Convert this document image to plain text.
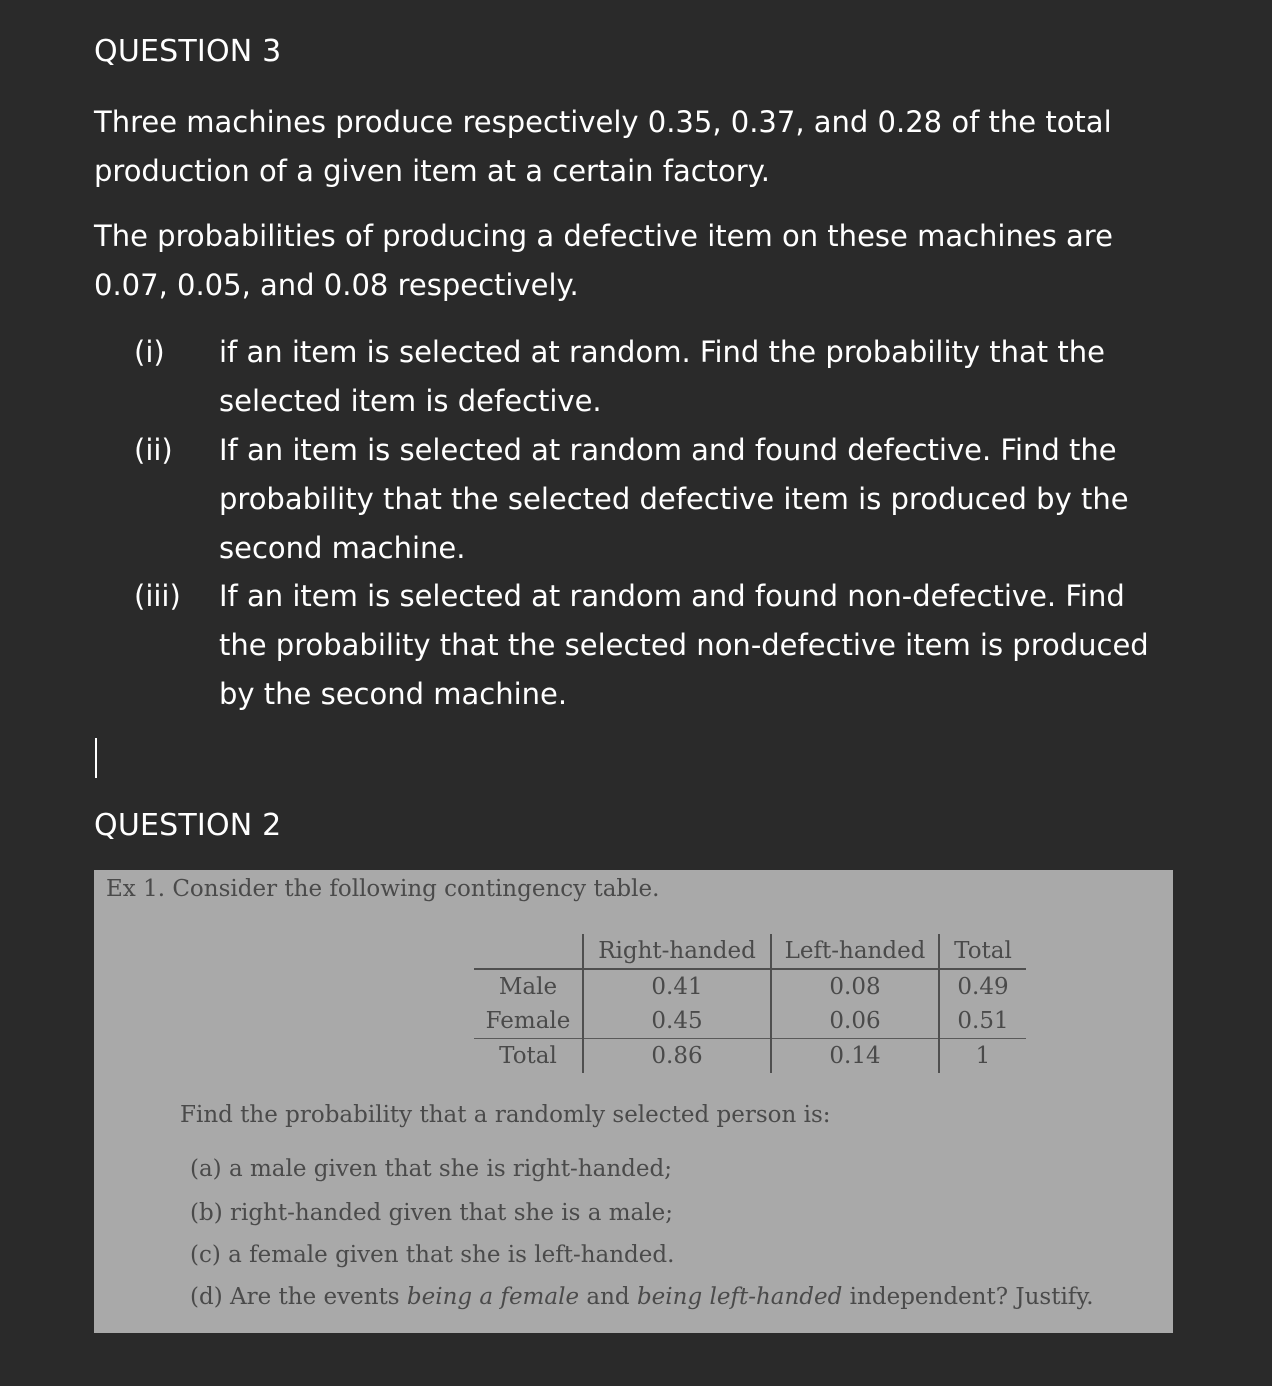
QUESTION 3
Three machines produce respectively 0.35, 0.37, and 0.28 of the total production of a given item at a certain factory.
The probabilities of producing a defective item on these machines are 0.07, 0.05, and 0.08 respectively.
(i) if an item is selected at random. Find the probability that the selected item is defective.
(ii) If an item is selected at random and found defective. Find the probability that the selected defective item is produced by the second machine.
(iii) If an item is selected at random and found non-defective. Find the probability that the selected non-defective item is produced by the second machine.
QUESTION 2
Ex 1. Consider the following contingency table.
	Right-handed	Left-handed	Total
Male	0.41	0.08	0.49
Female	0.45	0.06	0.51
Total	0.86	0.14	1
Find the probability that a randomly selected person is:
(a) a male given that she is right-handed;
(b) right-handed given that she is a male;
(c) a female given that she is left-handed.
(d) Are the events being a female and being left-handed independent? Justify.
